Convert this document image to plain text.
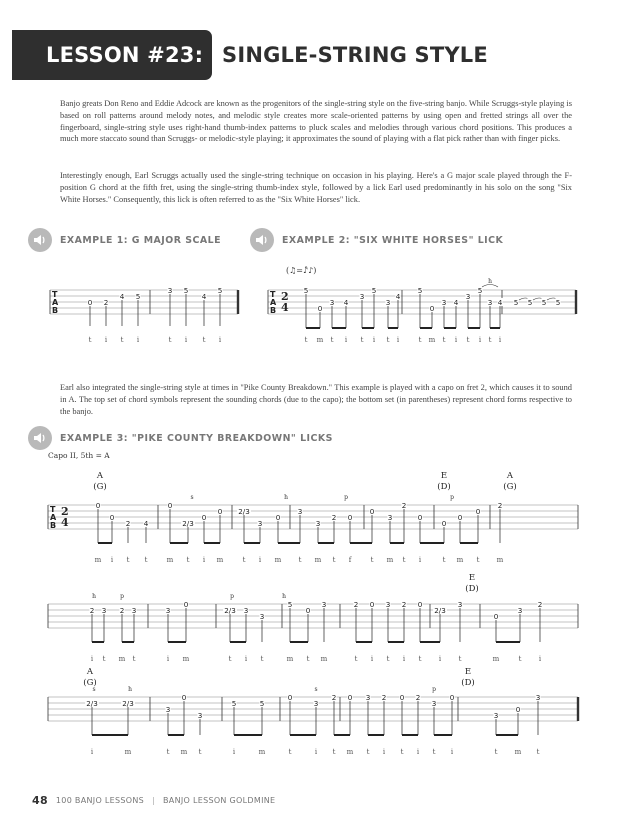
LESSON #23: SINGLE-STRING STYLE

Banjo greats Don Reno and Eddie Adcock are known as the progenitors of the single-string style on the five-string banjo. While Scruggs-style playing is based on roll patterns around melody notes, and melodic style creates more scale-oriented patterns by using open and fretted strings all over the fingerboard, single-string style uses right-hand thumb-index patterns to pluck scales and melodies through various chord positions. This produces a much more staccato sound than Scruggs- or melodic-style playing; it approximates the sound of playing with a flat pick rather than with finger picks.

Interestingly enough, Earl Scruggs actually used the single-string technique on occasion in his playing. Here's a G major scale played through the F-position G chord at the fifth fret, using the single-string thumb-index style, followed by a lick Earl used predominantly in his solo on the song "Six White Horses." Consequently, this lick is often referred to as the "Six White Horses" lick.

EXAMPLE 1: G MAJOR SCALE	EXAMPLE 2: "SIX WHITE HORSES" LICK

Earl also integrated the single-string style at times in "Pike County Breakdown." This example is played with a capo on fret 2, which causes it to sound in A. The top set of chord symbols represent the sounding chords (due to the capo); the bottom set (in parentheses) represent chord forms respective to the banjo.

EXAMPLE 3: "PIKE COUNTY BREAKDOWN" LICKS
T
A
B
0 2
4 5
3 5
4
5
t i t i	t i t i
T
A
B
2
4
(♫=♪̑♪)
5
0
3 4
3
5
3
4
5
0
3 4
3
5
3 4 5 5 5 5
h
t m t i t i t i	t m t i t i t i
Capo II, 5th = A
A
(G)
E
(D)
A
(G)
E
(D)
A
(G)
E
(D)
0
0
2 4
0
2/3
0
0 2/3
3
0
3
3
2 0
0
3
2
0
0
0
0
2
m i t t	m t i m	t i m t m t f	t m t i	t m t m
s	h	p	p
T
A
B
2
4
2 3 2 3	3
0
2/3 3
3
5
0
3	2 0 3 2 0
2/3
3
0
3
2
i t m t	i m	t i t	m t m	t i t i t i t	m	t i
h	p	p	h
2/3	2/3
3
0
3
5	5
0
3
2 0 3 2 0 2
3
0
3
0
3
i	m	t m t	i	m	t	i t m t i t i t i	t m t
s	h	s	p
48 100 BANJO LESSONS | BANJO LESSON GOLDMINE
